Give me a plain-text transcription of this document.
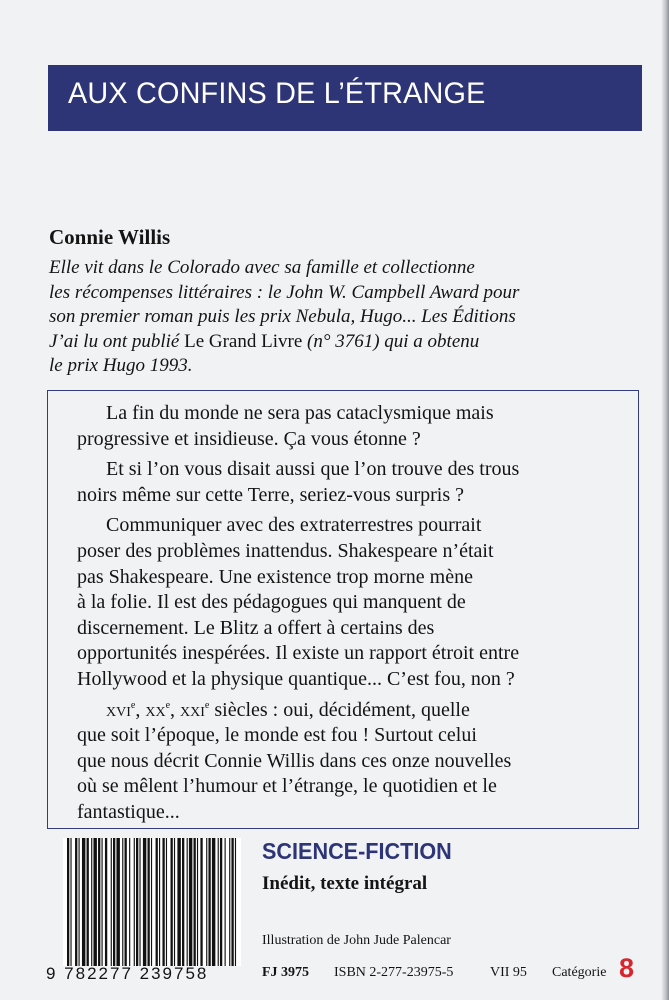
AUX CONFINS DE L’ÉTRANGE
Connie Willis
Elle vit dans le Colorado avec sa famille et collectionne
les récompenses littéraires : le John W. Campbell Award pour
son premier roman puis les prix Nebula, Hugo... Les Éditions
J’ai lu ont publié Le Grand Livre (n° 3761) qui a obtenu
le prix Hugo 1993.
La fin du monde ne sera pas cataclysmique mais
progressive et insidieuse. Ça vous étonne ?
Et si l’on vous disait aussi que l’on trouve des trous
noirs même sur cette Terre, seriez-vous surpris ?
Communiquer avec des extraterrestres pourrait
poser des problèmes inattendus. Shakespeare n’était
pas Shakespeare. Une existence trop morne mène
à la folie. Il est des pédagogues qui manquent de
discernement. Le Blitz a offert à certains des
opportunités inespérées. Il existe un rapport étroit entre
Hollywood et la physique quantique... C’est fou, non ?
xvi$^e$, $xx^e$, xxi$^e$ siècles : oui, décidément, quelle
que soit l’époque, le monde est fou ! Surtout celui
que nous décrit Connie Willis dans ces onze nouvelles
où se mêlent l’humour et l’étrange, le quotidien et le
fantastique...
9 782277 239758
SCIENCE-FICTION
Inédit, texte intégral
Illustration de John Jude Palencar
FJ 3975 ISBN 2-277-23975-5	VII 95 Catégorie 8
